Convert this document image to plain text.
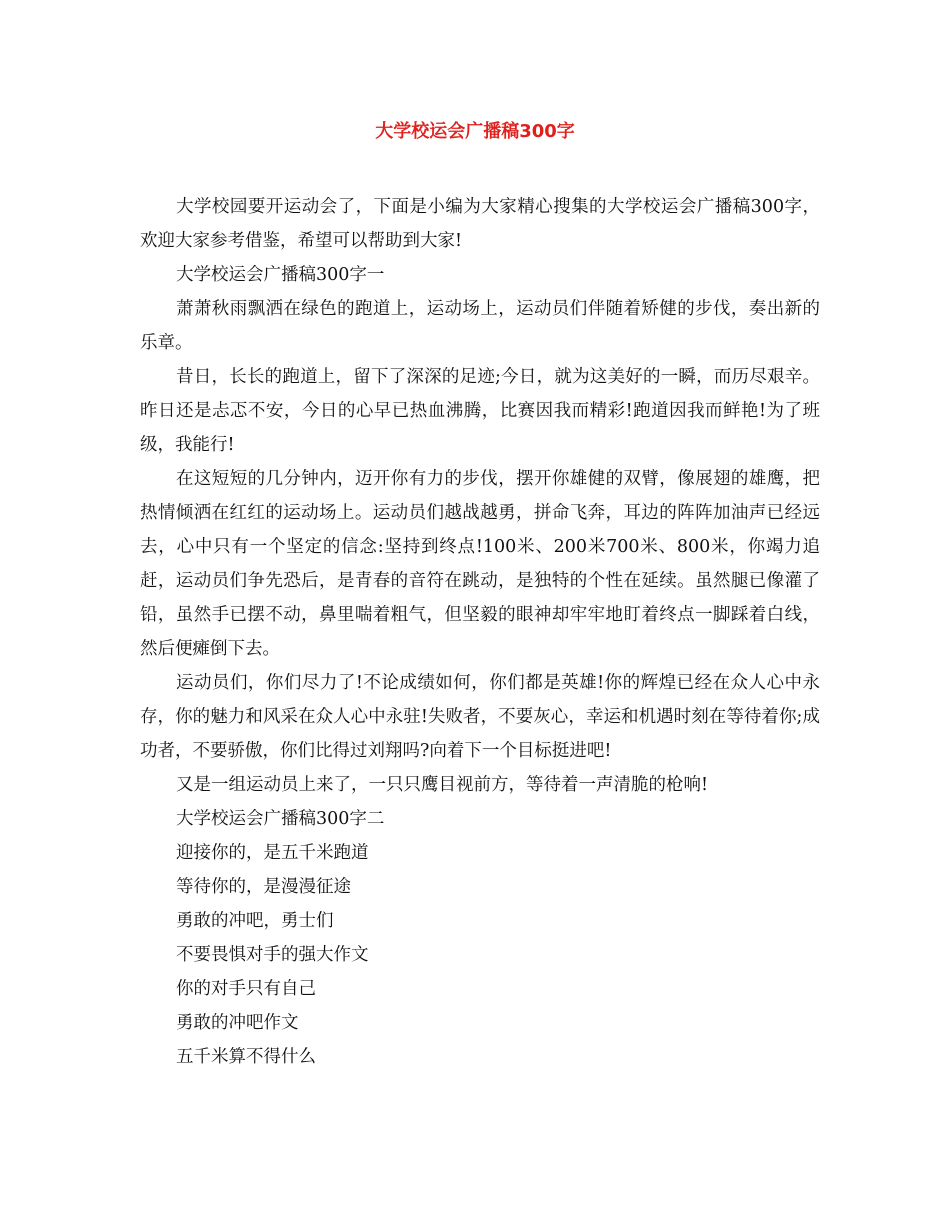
大学校运会广播稿300字

大学校园要开运动会了，下面是小编为大家精心搜集的大学校运会广播稿300字，欢迎大家参考借鉴，希望可以帮助到大家!

大学校运会广播稿300字一

萧萧秋雨飘洒在绿色的跑道上，运动场上，运动员们伴随着矫健的步伐，奏出新的乐章。

昔日，长长的跑道上，留下了深深的足迹;今日，就为这美好的一瞬，而历尽艰辛。昨日还是忐忑不安，今日的心早已热血沸腾，比赛因我而精彩!跑道因我而鲜艳!为了班级，我能行!

在这短短的几分钟内，迈开你有力的步伐，摆开你雄健的双臂，像展翅的雄鹰，把热情倾洒在红红的运动场上。运动员们越战越勇，拼命飞奔，耳边的阵阵加油声已经远去，心中只有一个坚定的信念:坚持到终点!100米、200米700米、800米，你竭力追赶，运动员们争先恐后，是青春的音符在跳动，是独特的个性在延续。虽然腿已像灌了铅，虽然手已摆不动，鼻里喘着粗气，但坚毅的眼神却牢牢地盯着终点一脚踩着白线，然后便瘫倒下去。

运动员们，你们尽力了!不论成绩如何，你们都是英雄!你的辉煌已经在众人心中永存，你的魅力和风采在众人心中永驻!失败者，不要灰心，幸运和机遇时刻在等待着你;成功者，不要骄傲，你们比得过刘翔吗?向着下一个目标挺进吧!

又是一组运动员上来了，一只只鹰目视前方，等待着一声清脆的枪响!

大学校运会广播稿300字二

迎接你的，是五千米跑道

等待你的，是漫漫征途

勇敢的冲吧，勇士们

不要畏惧对手的强大作文

你的对手只有自己

勇敢的冲吧作文

五千米算不得什么
